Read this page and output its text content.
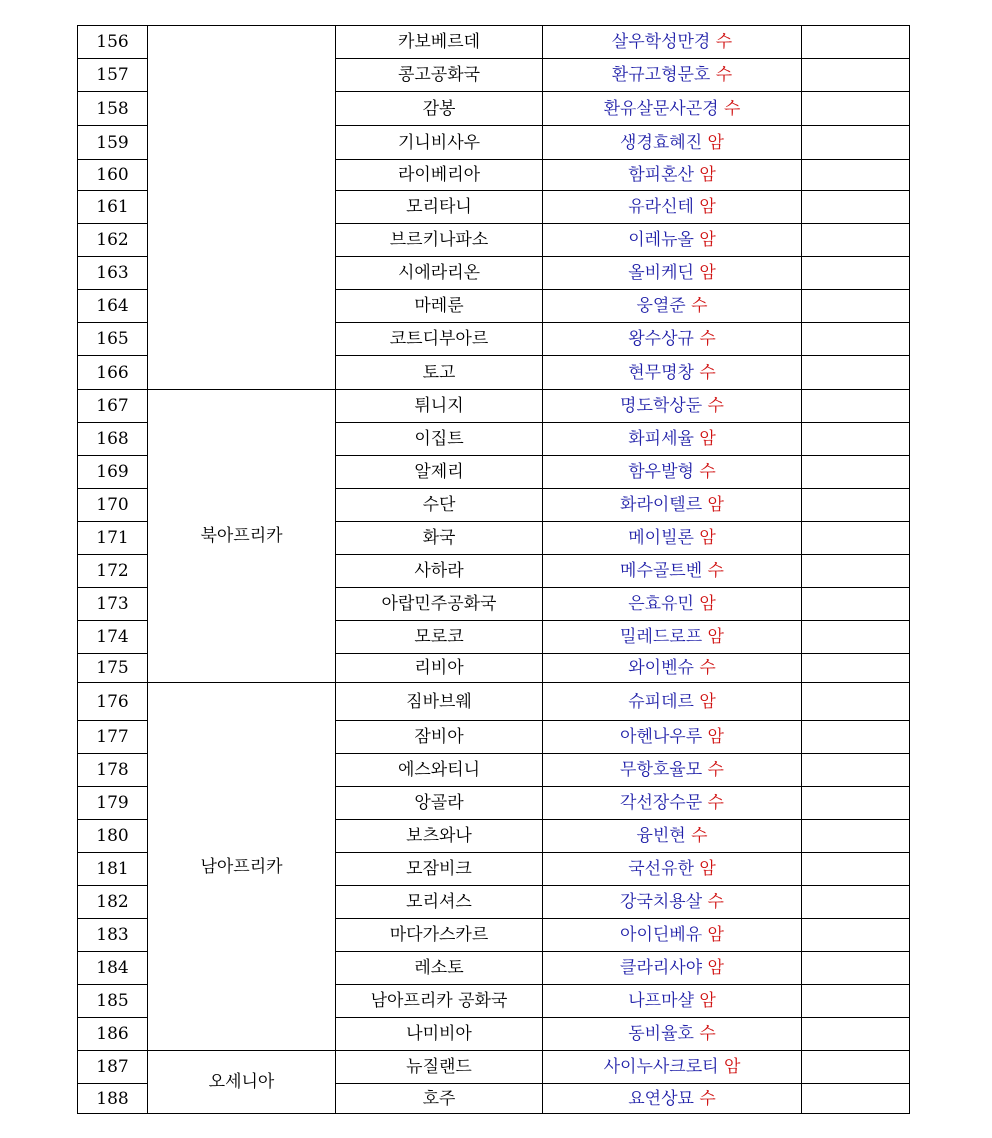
156		카보베르데	살우학성만경 수	
157		콩고공화국	환규고형문호 수	
158		감봉	환유살문사곤경 수	
159		기니비사우	생경효혜진 암	
160		라이베리아	함피혼산 암	
161		모리타니	유라신테 암	
162		브르키나파소	이레뉴올 암	
163		시에라리온	올비케딘 암	
164		마레룬	웅열준 수	
165		코트디부아르	왕수상규 수	
166		토고	현무명창 수	
167	북아프리카	튀니지	명도학상둔 수	
168		이집트	화피세율 암	
169		알제리	함우발형 수	
170		수단	화라이텔르 암	
171		화국	메이빌론 암	
172		사하라	메수골트벤 수	
173		아랍민주공화국	은효유민 암	
174		모로코	밀레드로프 암	
175		리비아	와이벤슈 수	
176	남아프리카	짐바브웨	슈피데르 암	
177		잠비아	아헨나우루 암	
178		에스와티니	무항호율모 수	
179		앙골라	각선장수문 수	
180		보츠와나	융빈현 수	
181		모잠비크	국선유한 암	
182		모리셔스	강국치용살 수	
183		마다가스카르	아이딘베유 암	
184		레소토	클라리사야 암	
185		남아프리카 공화국	나프마샬 암	
186		나미비아	동비율호 수	
187	오세니아	뉴질랜드	사이누사크로티 암	
188		호주	요연상묘 수	
